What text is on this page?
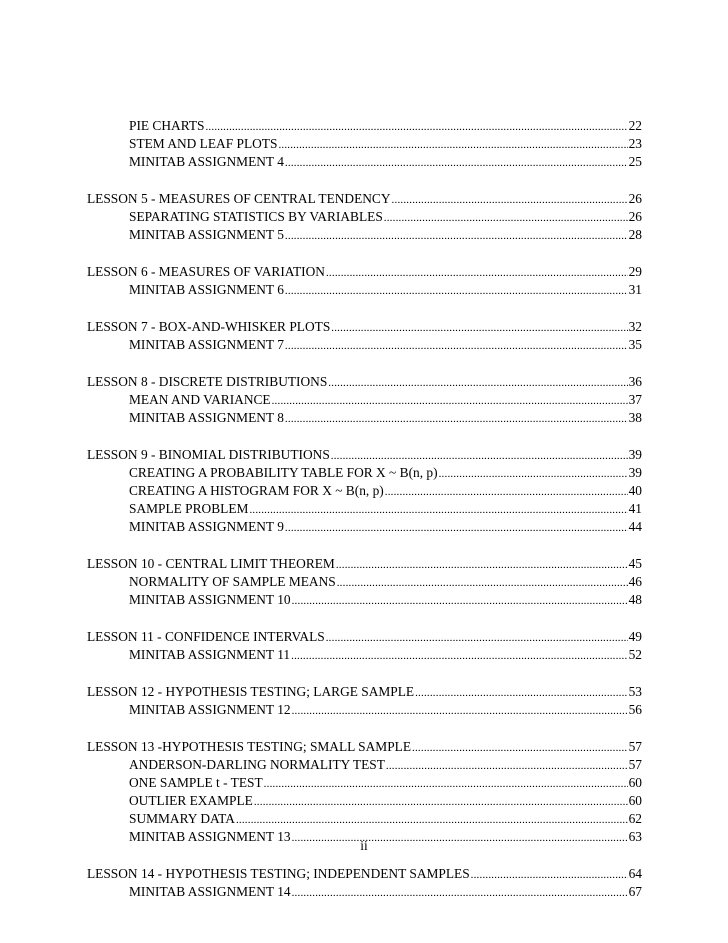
PIE CHARTS .....	22
STEM AND LEAF PLOTS .....	23
MINITAB ASSIGNMENT 4 .....	25
LESSON 5 - MEASURES OF CENTRAL TENDENCY .....	26
SEPARATING STATISTICS BY VARIABLES .....	26
MINITAB ASSIGNMENT 5 .....	28
LESSON 6 - MEASURES OF VARIATION .....	29
MINITAB ASSIGNMENT 6 .....	31
LESSON 7 - BOX-AND-WHISKER PLOTS .....	32
MINITAB ASSIGNMENT 7 .....	35
LESSON 8 - DISCRETE DISTRIBUTIONS .....	36
MEAN AND VARIANCE .....	37
MINITAB ASSIGNMENT 8 .....	38
LESSON 9 - BINOMIAL DISTRIBUTIONS .....	39
CREATING A PROBABILITY TABLE FOR X ~ B(n, p) .....	39
CREATING A HISTOGRAM FOR X ~ B(n, p) .....	40
SAMPLE PROBLEM .....	41
MINITAB ASSIGNMENT 9 .....	44
LESSON 10 - CENTRAL LIMIT THEOREM .....	45
NORMALITY OF SAMPLE MEANS .....	46
MINITAB ASSIGNMENT 10 .....	48
LESSON 11 - CONFIDENCE INTERVALS .....	49
MINITAB ASSIGNMENT 11 .....	52
LESSON 12 - HYPOTHESIS TESTING; LARGE SAMPLE .....	53
MINITAB ASSIGNMENT 12 .....	56
LESSON 13 -HYPOTHESIS TESTING; SMALL SAMPLE .....	57
ANDERSON-DARLING NORMALITY TEST .....	57
ONE SAMPLE t - TEST .....	60
OUTLIER EXAMPLE .....	60
SUMMARY DATA .....	62
MINITAB ASSIGNMENT 13 .....	63
LESSON 14 - HYPOTHESIS TESTING; INDEPENDENT SAMPLES .....	64
MINITAB ASSIGNMENT 14 .....	67
ii
